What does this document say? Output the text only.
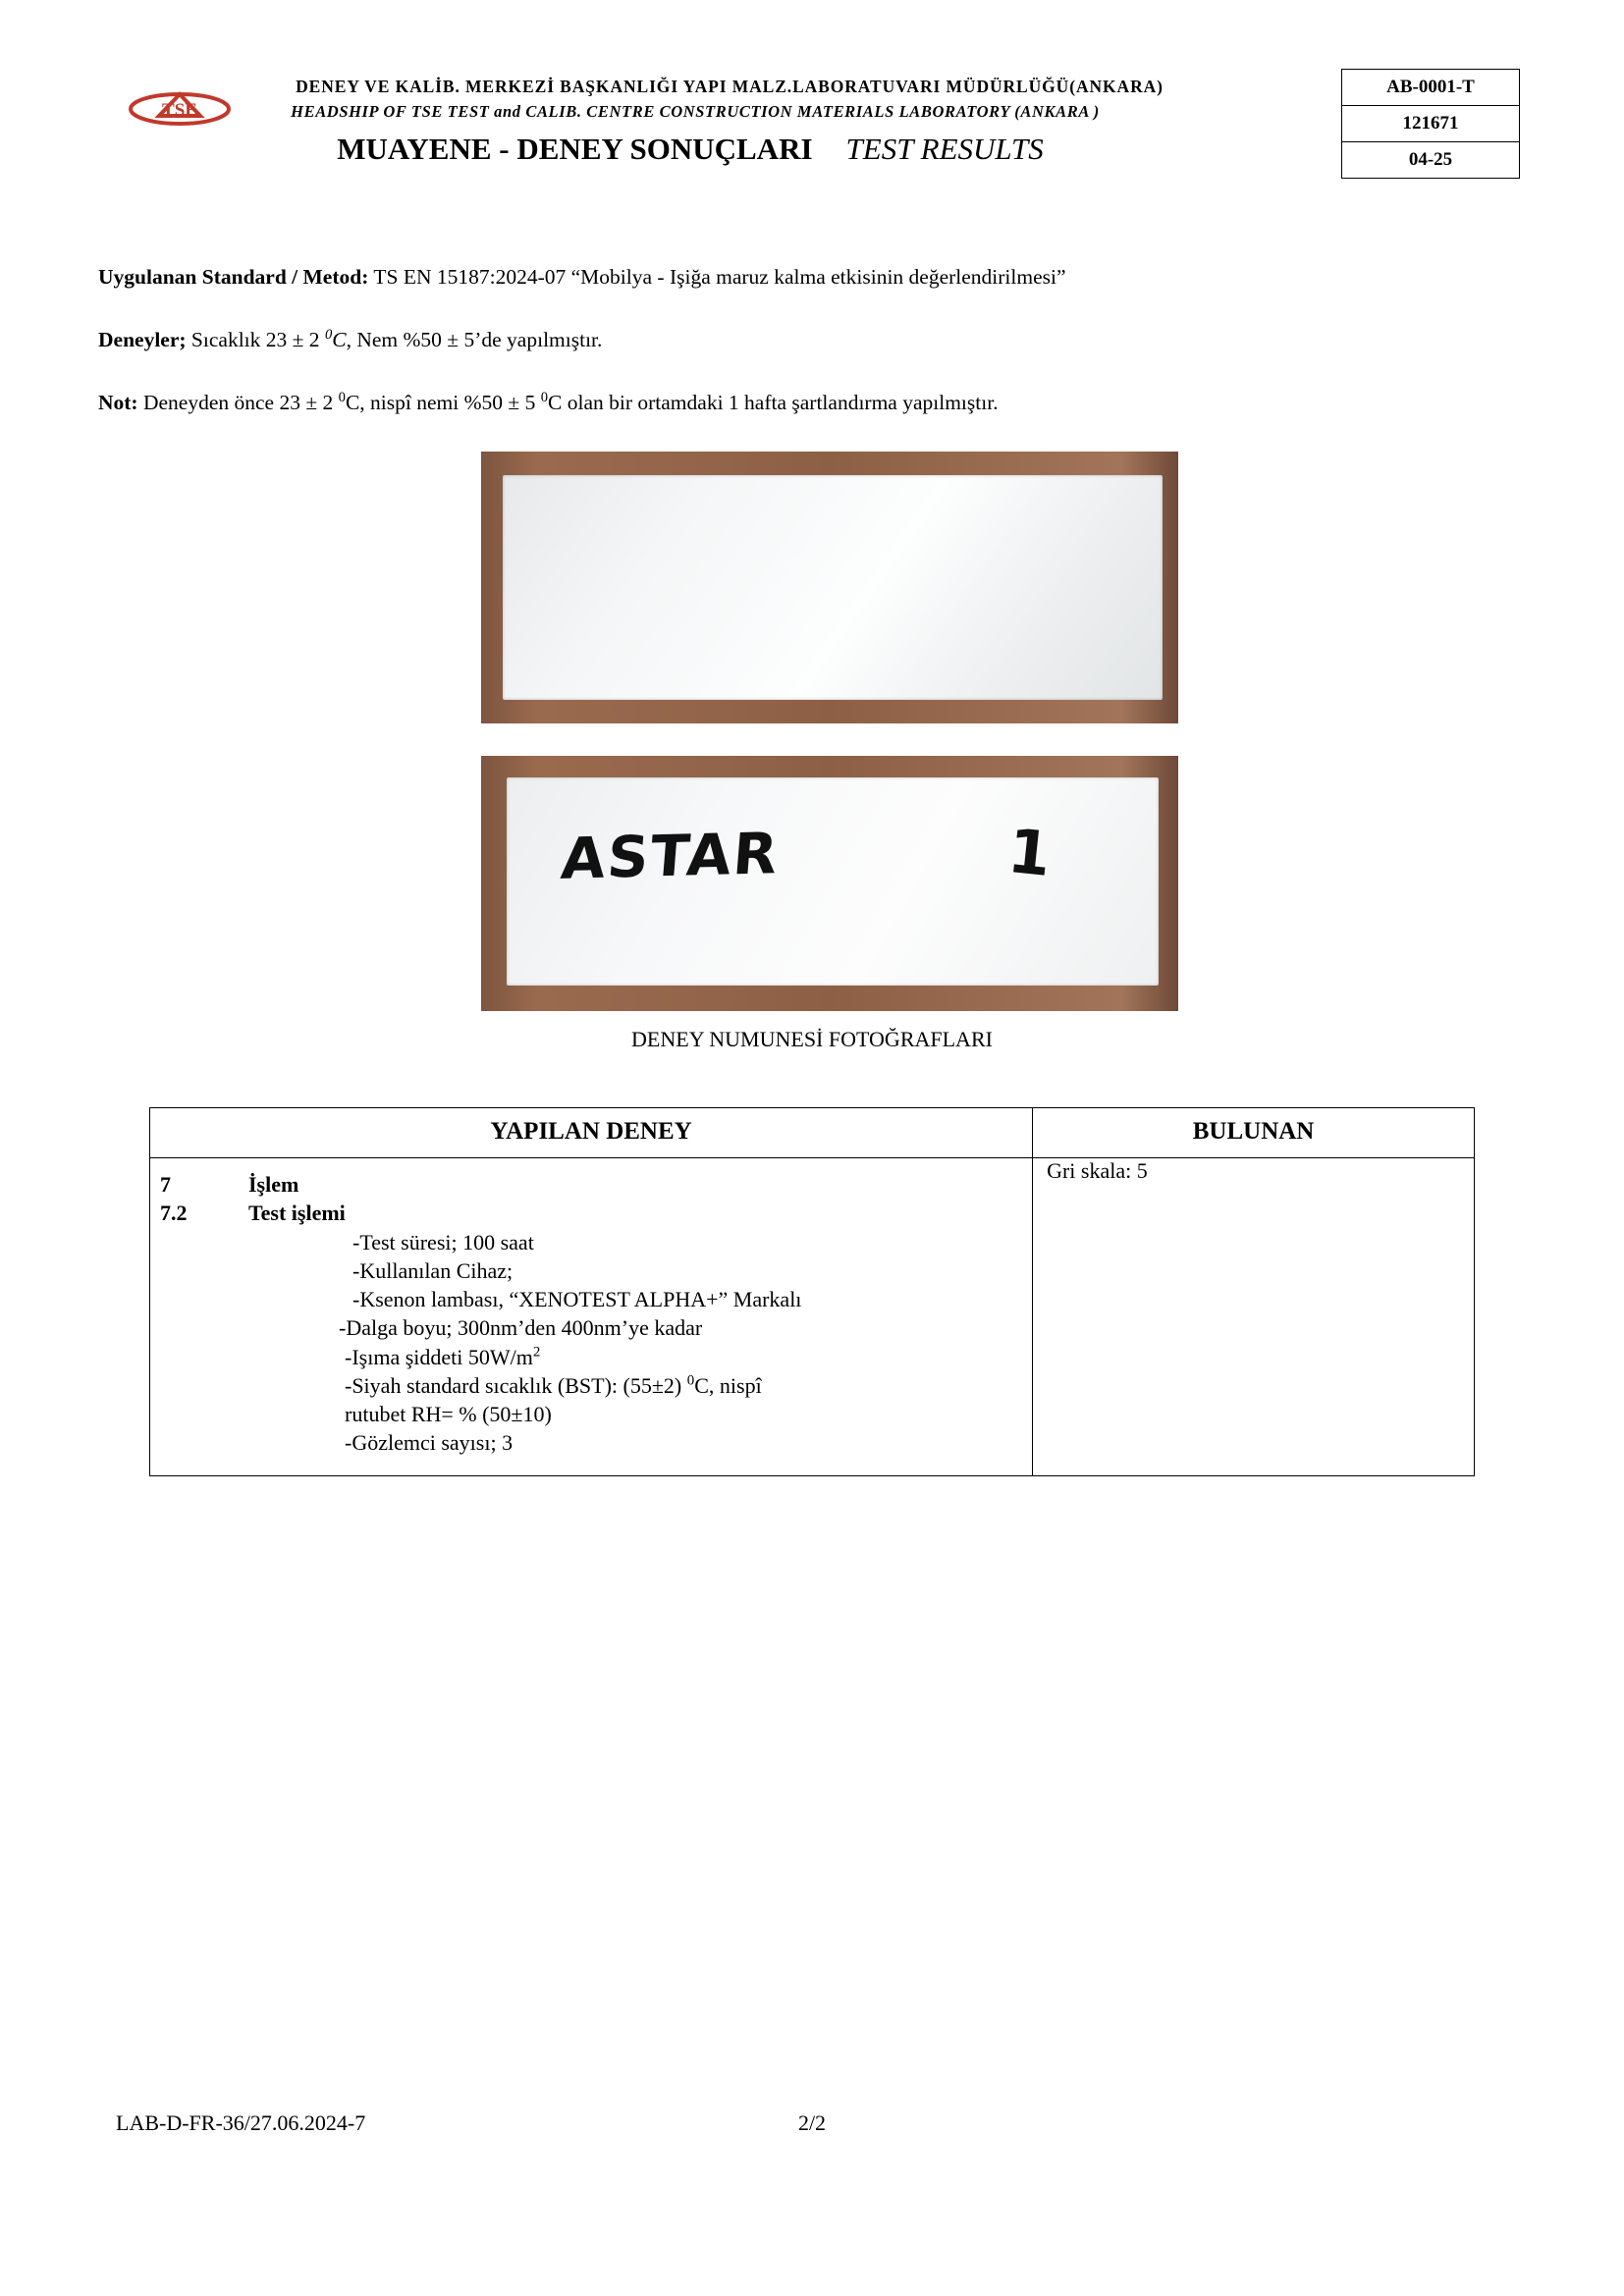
TSE
DENEY VE KALİB. MERKEZİ BAŞKANLIĞI YAPI MALZ.LABORATUVARI MÜDÜRLÜĞÜ(ANKARA)
HEADSHIP OF TSE TEST and CALIB. CENTRE CONSTRUCTION MATERIALS LABORATORY (ANKARA )
MUAYENE - DENEY SONUÇLARI TEST RESULTS
AB-0001-T
121671
04-25
Uygulanan Standard / Metod: TS EN 15187:2024-07 “Mobilya - Işiğa maruz kalma etkisinin değerlendirilmesi”
Deneyler; Sıcaklık 23 ± 2 $^0$C, Nem %50 ± 5’de yapılmıştır.
Not: Deneyden önce 23 ± 2 $^0$C, nispî nemi %50 ± 5 $^0$C olan bir ortamdaki 1 hafta şartlandırma yapılmıştır.
ASTAR	1
DENEY NUMUNESİ FOTOĞRAFLARI
YAPILAN DENEY	BULUNAN

7	İşlem
7.2	Test işlemi
-Test süresi; 100 saat
-Kullanılan Cihaz;
-Ksenon lambası, “XENOTEST ALPHA+” Markalı
-Dalga boyu; 300nm’den 400nm’ye kadar
-Işıma şiddeti $50W/m^2$
-Siyah standard sıcaklık (BST): (55±2) $^0$C, nispî
rutubet RH= % (50±10)
-Gözlemci sayısı; 3
	Gri skala: 5
LAB-D-FR-36/27.06.2024-7	2/2
